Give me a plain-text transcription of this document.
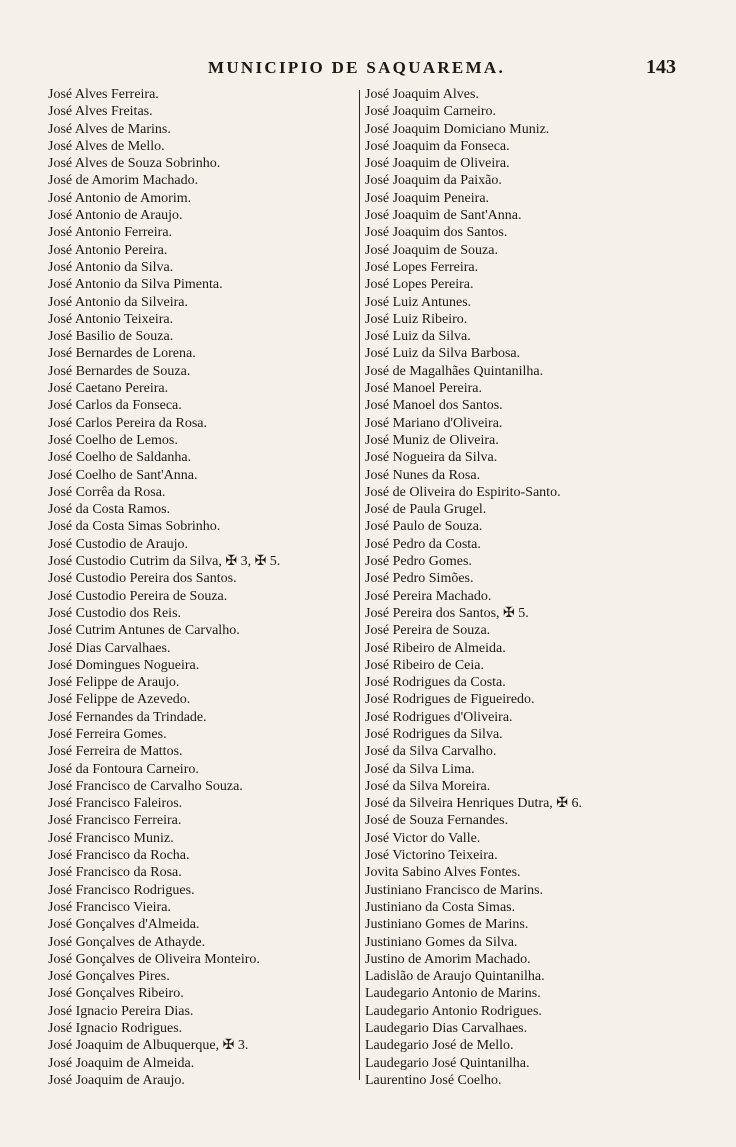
MUNICIPIO DE SAQUAREMA.	143
José Alves Ferreira.
José Alves Freitas.
José Alves de Marins.
José Alves de Mello.
José Alves de Souza Sobrinho.
José de Amorim Machado.
José Antonio de Amorim.
José Antonio de Araujo.
José Antonio Ferreira.
José Antonio Pereira.
José Antonio da Silva.
José Antonio da Silva Pimenta.
José Antonio da Silveira.
José Antonio Teixeira.
José Basilio de Souza.
José Bernardes de Lorena.
José Bernardes de Souza.
José Caetano Pereira.
José Carlos da Fonseca.
José Carlos Pereira da Rosa.
José Coelho de Lemos.
José Coelho de Saldanha.
José Coelho de Sant'Anna.
José Corrêa da Rosa.
José da Costa Ramos.
José da Costa Simas Sobrinho.
José Custodio de Araujo.
José Custodio Cutrim da Silva, ✠ 3, ✠ 5.
José Custodio Pereira dos Santos.
José Custodio Pereira de Souza.
José Custodio dos Reis.
José Cutrim Antunes de Carvalho.
José Dias Carvalhaes.
José Domingues Nogueira.
José Felippe de Araujo.
José Felippe de Azevedo.
José Fernandes da Trindade.
José Ferreira Gomes.
José Ferreira de Mattos.
José da Fontoura Carneiro.
José Francisco de Carvalho Souza.
José Francisco Faleiros.
José Francisco Ferreira.
José Francisco Muniz.
José Francisco da Rocha.
José Francisco da Rosa.
José Francisco Rodrigues.
José Francisco Vieira.
José Gonçalves d'Almeida.
José Gonçalves de Athayde.
José Gonçalves de Oliveira Monteiro.
José Gonçalves Pires.
José Gonçalves Ribeiro.
José Ignacio Pereira Dias.
José Ignacio Rodrigues.
José Joaquim de Albuquerque, ✠ 3.
José Joaquim de Almeida.
José Joaquim de Araujo.
José Joaquim Alves.
José Joaquim Carneiro.
José Joaquim Domiciano Muniz.
José Joaquim da Fonseca.
José Joaquim de Oliveira.
José Joaquim da Paixão.
José Joaquim Peneira.
José Joaquim de Sant'Anna.
José Joaquim dos Santos.
José Joaquim de Souza.
José Lopes Ferreira.
José Lopes Pereira.
José Luiz Antunes.
José Luiz Ribeiro.
José Luiz da Silva.
José Luiz da Silva Barbosa.
José de Magalhães Quintanilha.
José Manoel Pereira.
José Manoel dos Santos.
José Mariano d'Oliveira.
José Muniz de Oliveira.
José Nogueira da Silva.
José Nunes da Rosa.
José de Oliveira do Espirito-Santo.
José de Paula Grugel.
José Paulo de Souza.
José Pedro da Costa.
José Pedro Gomes.
José Pedro Simões.
José Pereira Machado.
José Pereira dos Santos, ✠ 5.
José Pereira de Souza.
José Ribeiro de Almeida.
José Ribeiro de Ceia.
José Rodrigues da Costa.
José Rodrigues de Figueiredo.
José Rodrigues d'Oliveira.
José Rodrigues da Silva.
José da Silva Carvalho.
José da Silva Lima.
José da Silva Moreira.
José da Silveira Henriques Dutra, ✠ 6.
José de Souza Fernandes.
José Victor do Valle.
José Victorino Teixeira.
Jovita Sabino Alves Fontes.
Justiniano Francisco de Marins.
Justiniano da Costa Simas.
Justiniano Gomes de Marins.
Justiniano Gomes da Silva.
Justino de Amorim Machado.
Ladislão de Araujo Quintanilha.
Laudegario Antonio de Marins.
Laudegario Antonio Rodrigues.
Laudegario Dias Carvalhaes.
Laudegario José de Mello.
Laudegario José Quintanilha.
Laurentino José Coelho.
